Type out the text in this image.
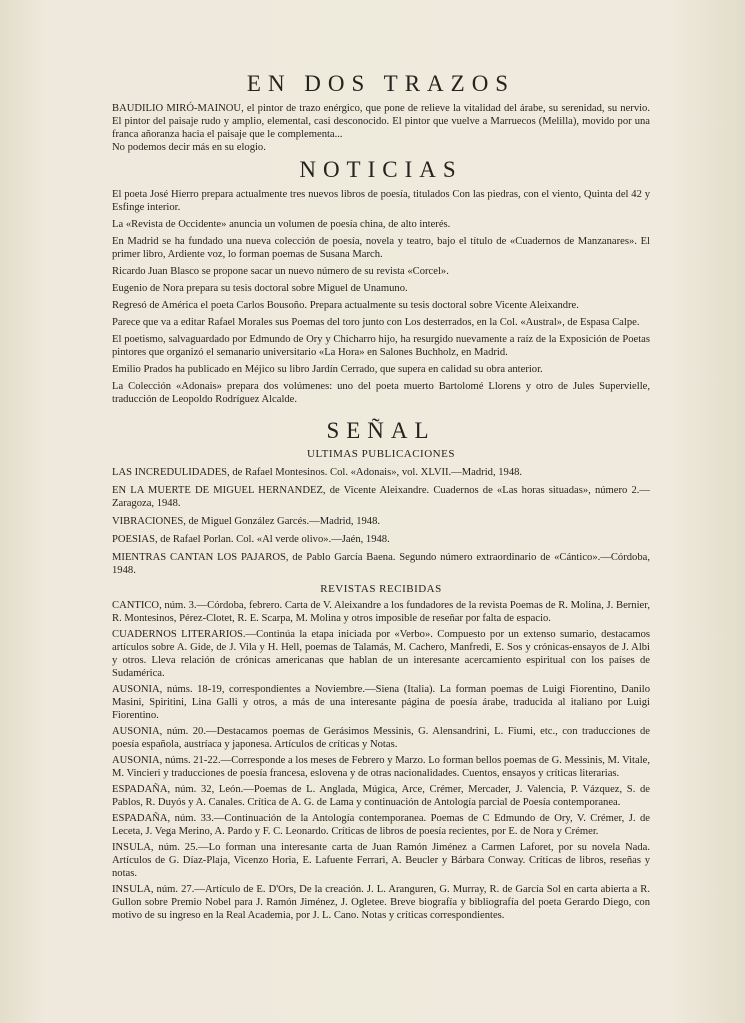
EN DOS TRAZOS

BAUDILIO MIRÓ-MAINOU, el pintor de trazo enérgico, que pone de relieve la vitalidad del árabe, su serenidad, su nervio. El pintor del paisaje rudo y amplio, elemental, casi desconocido. El pintor que vuelve a Marruecos (Melilla), movido por una franca añoranza hacia el paisaje que le complementa...

No podemos decir más en su elogio.

NOTICIAS

El poeta José Hierro prepara actualmente tres nuevos libros de poesía, titulados Con las piedras, con el viento, Quinta del 42 y Esfinge interior.

La «Revista de Occidente» anuncia un volumen de poesía china, de alto interés.

En Madrid se ha fundado una nueva colección de poesía, novela y teatro, bajo el título de «Cuadernos de Manzanares». El primer libro, Ardiente voz, lo forman poemas de Susana March.

Ricardo Juan Blasco se propone sacar un nuevo número de su revista «Corcel».

Eugenio de Nora prepara su tesis doctoral sobre Miguel de Unamuno.

Regresó de América el poeta Carlos Bousoño. Prepara actualmente su tesis doctoral sobre Vicente Aleixandre.

Parece que va a editar Rafael Morales sus Poemas del toro junto con Los desterrados, en la Col. «Austral», de Espasa Calpe.

El poetismo, salvaguardado por Edmundo de Ory y Chicharro hijo, ha resurgido nuevamente a raíz de la Exposición de Poetas pintores que organizó el semanario universitario «La Hora» en Salones Buchholz, en Madrid.

Emilio Prados ha publicado en Méjico su libro Jardín Cerrado, que supera en calidad su obra anterior.

La Colección «Adonais» prepara dos volúmenes: uno del poeta muerto Bartolomé Llorens y otro de Jules Supervielle, traducción de Leopoldo Rodríguez Alcalde.

SEÑAL
ULTIMAS PUBLICACIONES

LAS INCREDULIDADES, de Rafael Montesinos. Col. «Adonais», vol. XLVII.—Madrid, 1948.

EN LA MUERTE DE MIGUEL HERNANDEZ, de Vicente Aleixandre. Cuadernos de «Las horas situadas», número 2.—Zaragoza, 1948.

VIBRACIONES, de Miguel González Garcés.—Madrid, 1948.

POESIAS, de Rafael Porlan. Col. «Al verde olivo».—Jaén, 1948.

MIENTRAS CANTAN LOS PAJAROS, de Pablo García Baena. Segundo número extraordinario de «Cántico».—Córdoba, 1948.

REVISTAS RECIBIDAS

CANTICO, núm. 3.—Córdoba, febrero. Carta de V. Aleixandre a los fundadores de la revista Poemas de R. Molina, J. Bernier, R. Montesinos, Pérez-Clotet, R. E. Scarpa, M. Molina y otros imposible de reseñar por falta de espacio.

CUADERNOS LITERARIOS.—Continúa la etapa iniciada por «Verbo». Compuesto por un extenso sumario, destacamos artículos sobre A. Gide, de J. Vila y H. Hell, poemas de Talamás, M. Cachero, Manfredi, E. Sos y crónicas-ensayos de J. Albi y otros. Lleva relación de crónicas americanas que hablan de un interesante acercamiento espiritual con los países de Sudamérica.

AUSONIA, núms. 18-19, correspondientes a Noviembre.—Siena (Italia). La forman poemas de Luigi Fiorentino, Danilo Masini, Spiritini, Lina Galli y otros, a más de una interesante página de poesía árabe, traducida al italiano por Luigi Fiorentino.

AUSONIA, núm. 20.—Destacamos poemas de Gerásimos Messinis, G. Alensandrini, L. Fiumi, etc., con traducciones de poesía española, austríaca y japonesa. Artículos de críticas y Notas.

AUSONIA, núms. 21-22.—Corresponde a los meses de Febrero y Marzo. Lo forman bellos poemas de G. Messinis, M. Vitale, M. Vincieri y traducciones de poesía francesa, eslovena y de otras nacionalidades. Cuentos, ensayos y críticas literarias.

ESPADAÑA, núm. 32, León.—Poemas de L. Anglada, Múgica, Arce, Crémer, Mercader, J. Valencia, P. Vázquez, S. de Pablos, R. Duyós y A. Canales. Crítica de A. G. de Lama y continuación de Antología parcial de Poesía contemporanea.

ESPADAÑA, núm. 33.—Continuación de la Antología contemporanea. Poemas de C Edmundo de Ory, V. Crémer, J. de Leceta, J. Vega Merino, A. Pardo y F. C. Leonardo. Críticas de libros de poesía recientes, por E. de Nora y Crémer.

INSULA, núm. 25.—Lo forman una interesante carta de Juan Ramón Jiménez a Carmen Laforet, por su novela Nada. Artículos de G. Díaz-Plaja, Vicenzo Horia, E. Lafuente Ferrari, A. Beucler y Bárbara Conway. Críticas de libros, reseñas y notas.

INSULA, núm. 27.—Artículo de E. D'Ors, De la creación. J. L. Aranguren, G. Murray, R. de García Sol en carta abierta a R. Gullon sobre Premio Nobel para J. Ramón Jiménez, J. Ogletee. Breve biografía y bibliografía del poeta Gerardo Diego, con motivo de su ingreso en la Real Academia, por J. L. Cano. Notas y críticas correspondientes.
